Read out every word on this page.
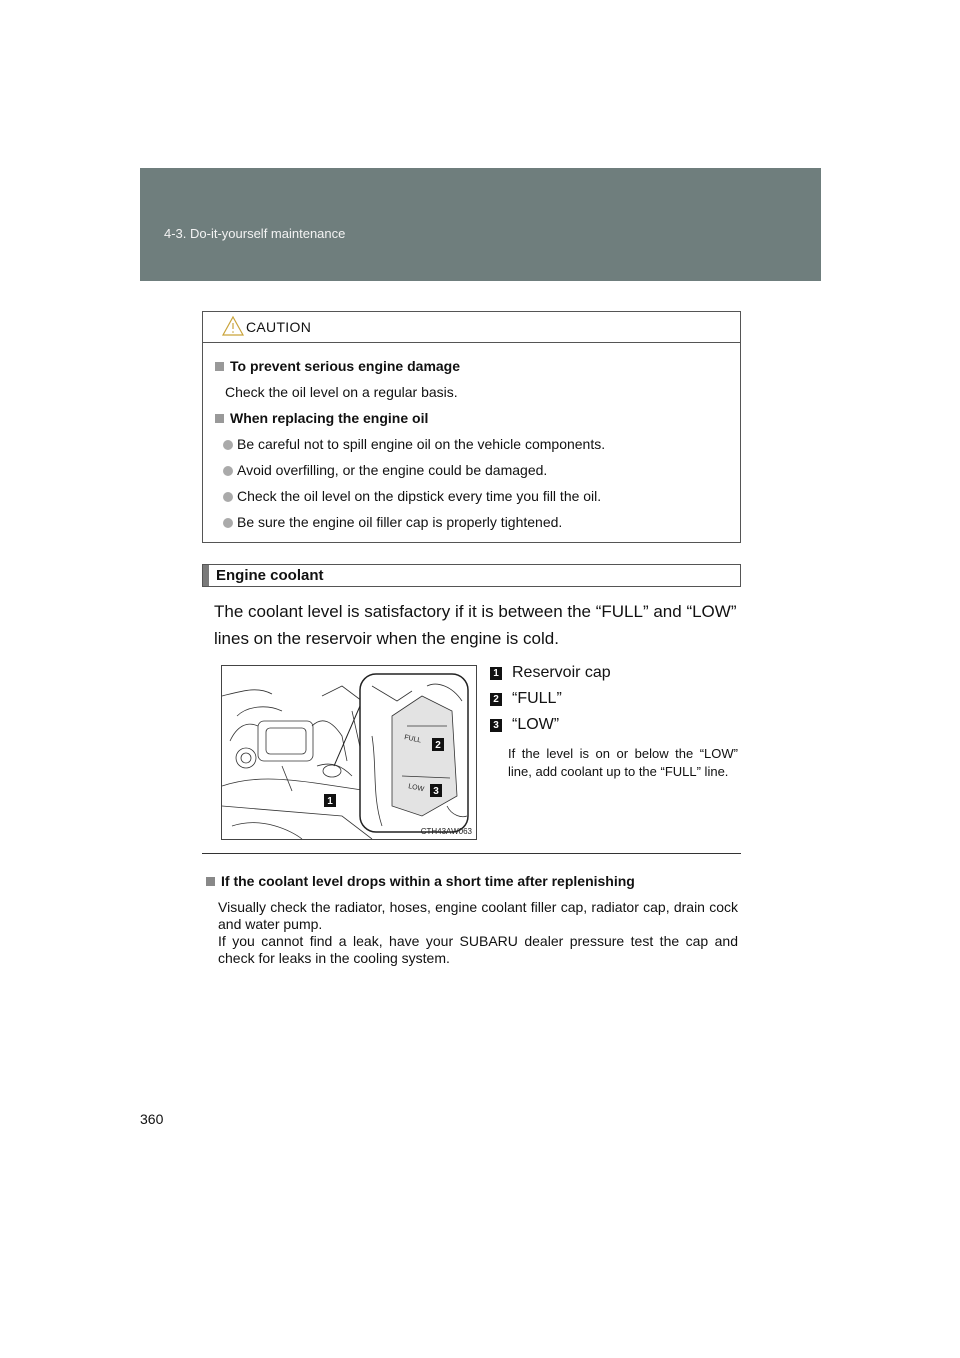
4-3. Do-it-yourself maintenance
CAUTION
To prevent serious engine damage
Check the oil level on a regular basis.
When replacing the engine oil
Be careful not to spill engine oil on the vehicle components.
Avoid overfilling, or the engine could be damaged.
Check the oil level on the dipstick every time you fill the oil.
Be sure the engine oil filler cap is properly tightened.
Engine coolant
The coolant level is satisfactory if it is between the “FULL” and “LOW” lines on the reservoir when the engine is cold.
FULL
LOW
1
2
3
CTH43AW063
1 Reservoir cap
2 “FULL”
3 “LOW”
If the level is on or below the “LOW” line, add coolant up to the “FULL” line.
If the coolant level drops within a short time after replenishing

Visually check the radiator, hoses, engine coolant filler cap, radiator cap, drain cock and water pump.

If you cannot find a leak, have your SUBARU dealer pressure test the cap and check for leaks in the cooling system.

360
